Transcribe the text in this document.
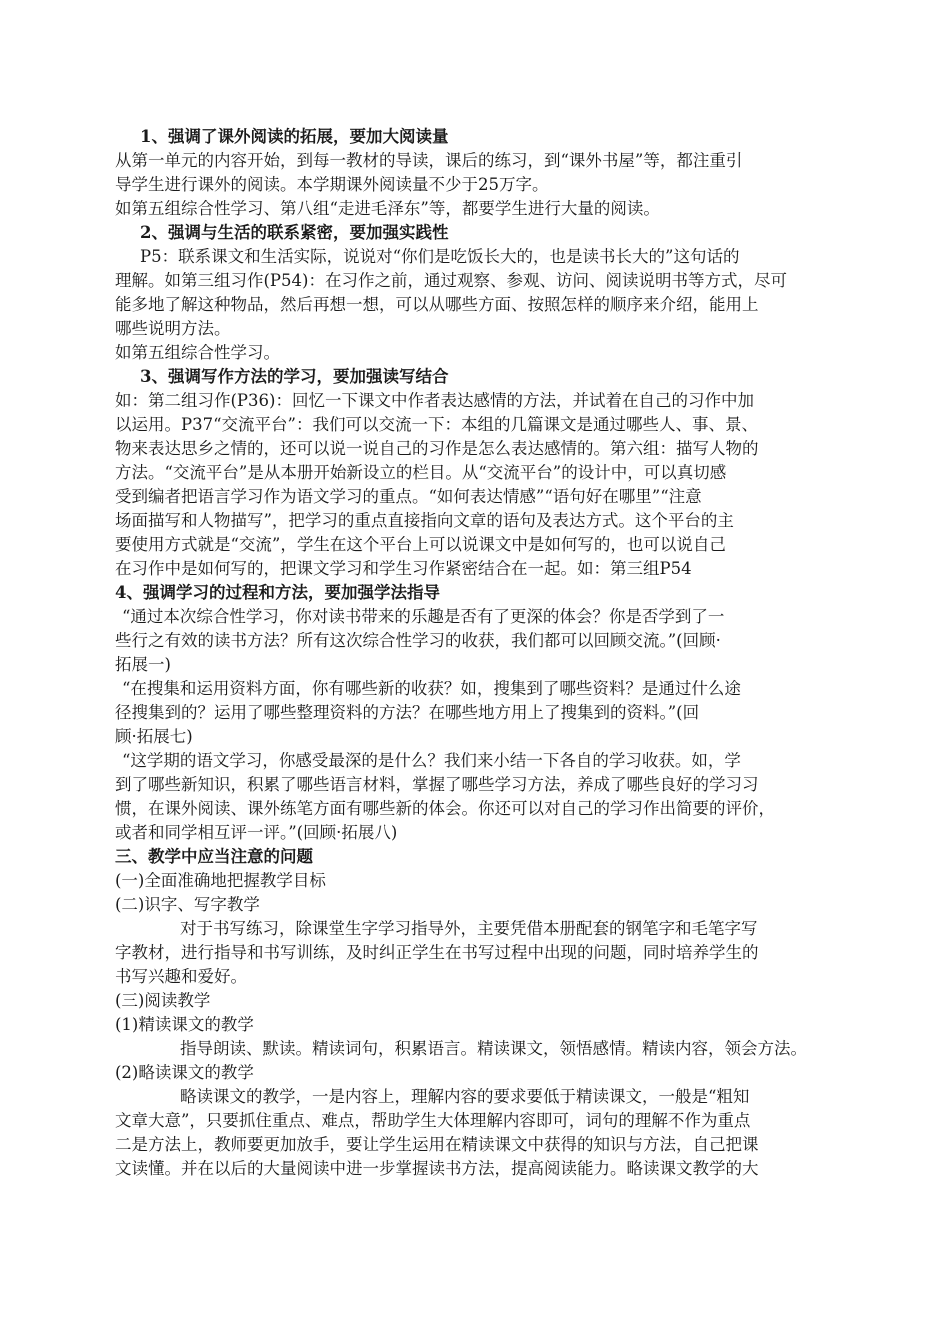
1、强调了课外阅读的拓展，要加大阅读量
从第一单元的内容开始，到每一教材的导读，课后的练习，到“课外书屋”等，都注重引
导学生进行课外的阅读。本学期课外阅读量不少于25万字。
如第五组综合性学习、第八组“走进毛泽东”等，都要学生进行大量的阅读。
2、强调与生活的联系紧密，要加强实践性
P5：联系课文和生活实际，说说对“你们是吃饭长大的，也是读书长大的”这句话的
理解。如第三组习作(P54)：在习作之前，通过观察、参观、访问、阅读说明书等方式，尽可
能多地了解这种物品，然后再想一想，可以从哪些方面、按照怎样的顺序来介绍，能用上
哪些说明方法。
如第五组综合性学习。
3、强调写作方法的学习，要加强读写结合
如：第二组习作(P36)：回忆一下课文中作者表达感情的方法，并试着在自己的习作中加
以运用。P37“交流平台”：我们可以交流一下：本组的几篇课文是通过哪些人、事、景、
物来表达思乡之情的，还可以说一说自己的习作是怎么表达感情的。第六组：描写人物的
方法。“交流平台”是从本册开始新设立的栏目。从“交流平台”的设计中，可以真切感
受到编者把语言学习作为语文学习的重点。“如何表达情感”“语句好在哪里”“注意
场面描写和人物描写”，把学习的重点直接指向文章的语句及表达方式。这个平台的主
要使用方式就是“交流”，学生在这个平台上可以说课文中是如何写的，也可以说自己
在习作中是如何写的，把课文学习和学生习作紧密结合在一起。如：第三组P54
4、强调学习的过程和方法，要加强学法指导
“通过本次综合性学习，你对读书带来的乐趣是否有了更深的体会？你是否学到了一
些行之有效的读书方法？所有这次综合性学习的收获，我们都可以回顾交流。”(回顾·
拓展一)
“在搜集和运用资料方面，你有哪些新的收获？如，搜集到了哪些资料？是通过什么途
径搜集到的？运用了哪些整理资料的方法？在哪些地方用上了搜集到的资料。”(回
顾·拓展七)
“这学期的语文学习，你感受最深的是什么？我们来小结一下各自的学习收获。如，学
到了哪些新知识，积累了哪些语言材料，掌握了哪些学习方法，养成了哪些良好的学习习
惯，在课外阅读、课外练笔方面有哪些新的体会。你还可以对自己的学习作出简要的评价，
或者和同学相互评一评。”(回顾·拓展八)
三、教学中应当注意的问题
(一)全面准确地把握教学目标
(二)识字、写字教学
对于书写练习，除课堂生字学习指导外，主要凭借本册配套的钢笔字和毛笔字写
字教材，进行指导和书写训练，及时纠正学生在书写过程中出现的问题，同时培养学生的
书写兴趣和爱好。
(三)阅读教学
(1)精读课文的教学
指导朗读、默读。精读词句，积累语言。精读课文，领悟感情。精读内容，领会方法。
(2)略读课文的教学
略读课文的教学，一是内容上，理解内容的要求要低于精读课文，一般是“粗知
文章大意”，只要抓住重点、难点，帮助学生大体理解内容即可，词句的理解不作为重点
二是方法上，教师要更加放手，要让学生运用在精读课文中获得的知识与方法，自己把课
文读懂。并在以后的大量阅读中进一步掌握读书方法，提高阅读能力。略读课文教学的大
